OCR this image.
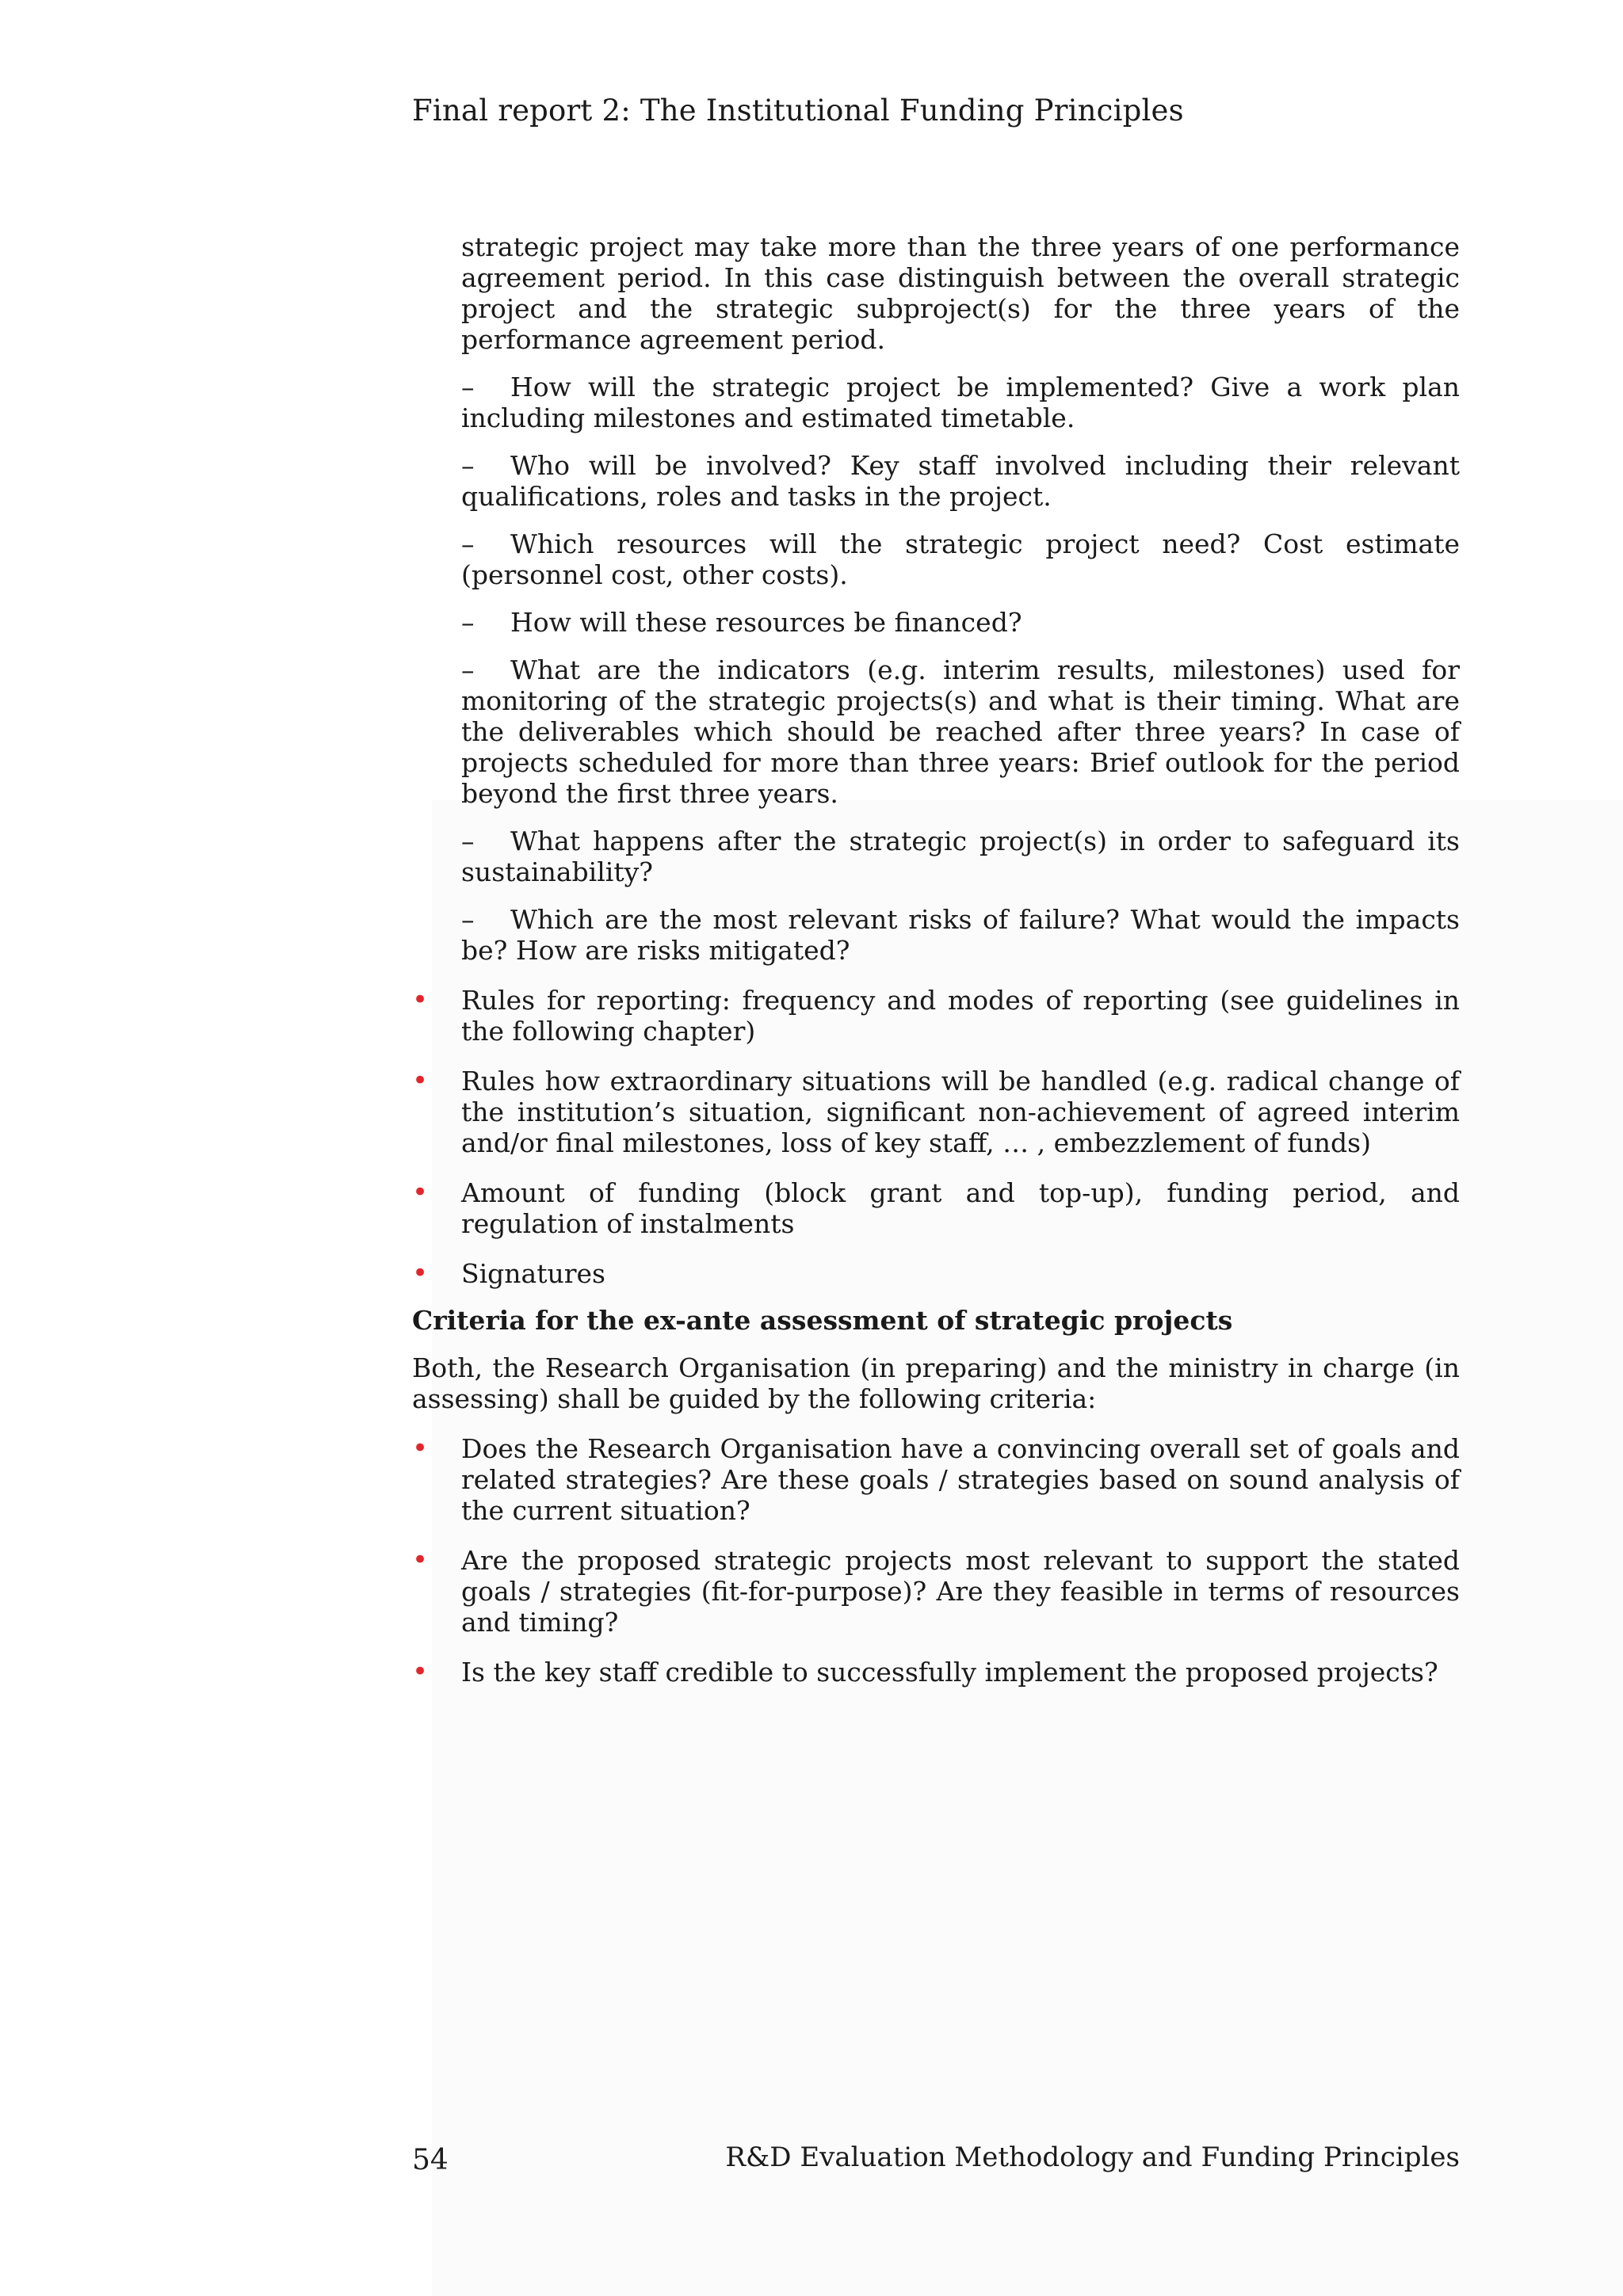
Final report 2: The Institutional Funding Principles

strategic project may take more than the three years of one performance agreement period. In this case distinguish between the overall strategic project and the strategic subproject(s) for the three years of the performance agreement period.

– How will the strategic project be implemented? Give a work plan including milestones and estimated timetable.
– Who will be involved? Key staff involved including their relevant qualifications, roles and tasks in the project.
– Which resources will the strategic project need? Cost estimate (personnel cost, other costs).
– How will these resources be financed?
– What are the indicators (e.g. interim results, milestones) used for monitoring of the strategic projects(s) and what is their timing. What are the deliverables which should be reached after three years? In case of projects scheduled for more than three years: Brief outlook for the period beyond the first three years.
– What happens after the strategic project(s) in order to safeguard its sustainability?
– Which are the most relevant risks of failure? What would the impacts be? How are risks mitigated?
•	Rules for reporting: frequency and modes of reporting (see guidelines in the following chapter)
•	Rules how extraordinary situations will be handled (e.g. radical change of the institution’s situation, significant non-achievement of agreed interim and/or final milestones, loss of key staff, … , embezzlement of funds)
•	Amount of funding (block grant and top-up), funding period, and regulation of instalments
•	Signatures
Criteria for the ex-ante assessment of strategic projects

Both, the Research Organisation (in preparing) and the ministry in charge (in assessing) shall be guided by the following criteria:

•	Does the Research Organisation have a convincing overall set of goals and related strategies? Are these goals / strategies based on sound analysis of the current situation?
•	Are the proposed strategic projects most relevant to support the stated goals / strategies (fit-for-purpose)? Are they feasible in terms of resources and timing?
•	Is the key staff credible to successfully implement the proposed projects?
54	R&D Evaluation Methodology and Funding Principles
